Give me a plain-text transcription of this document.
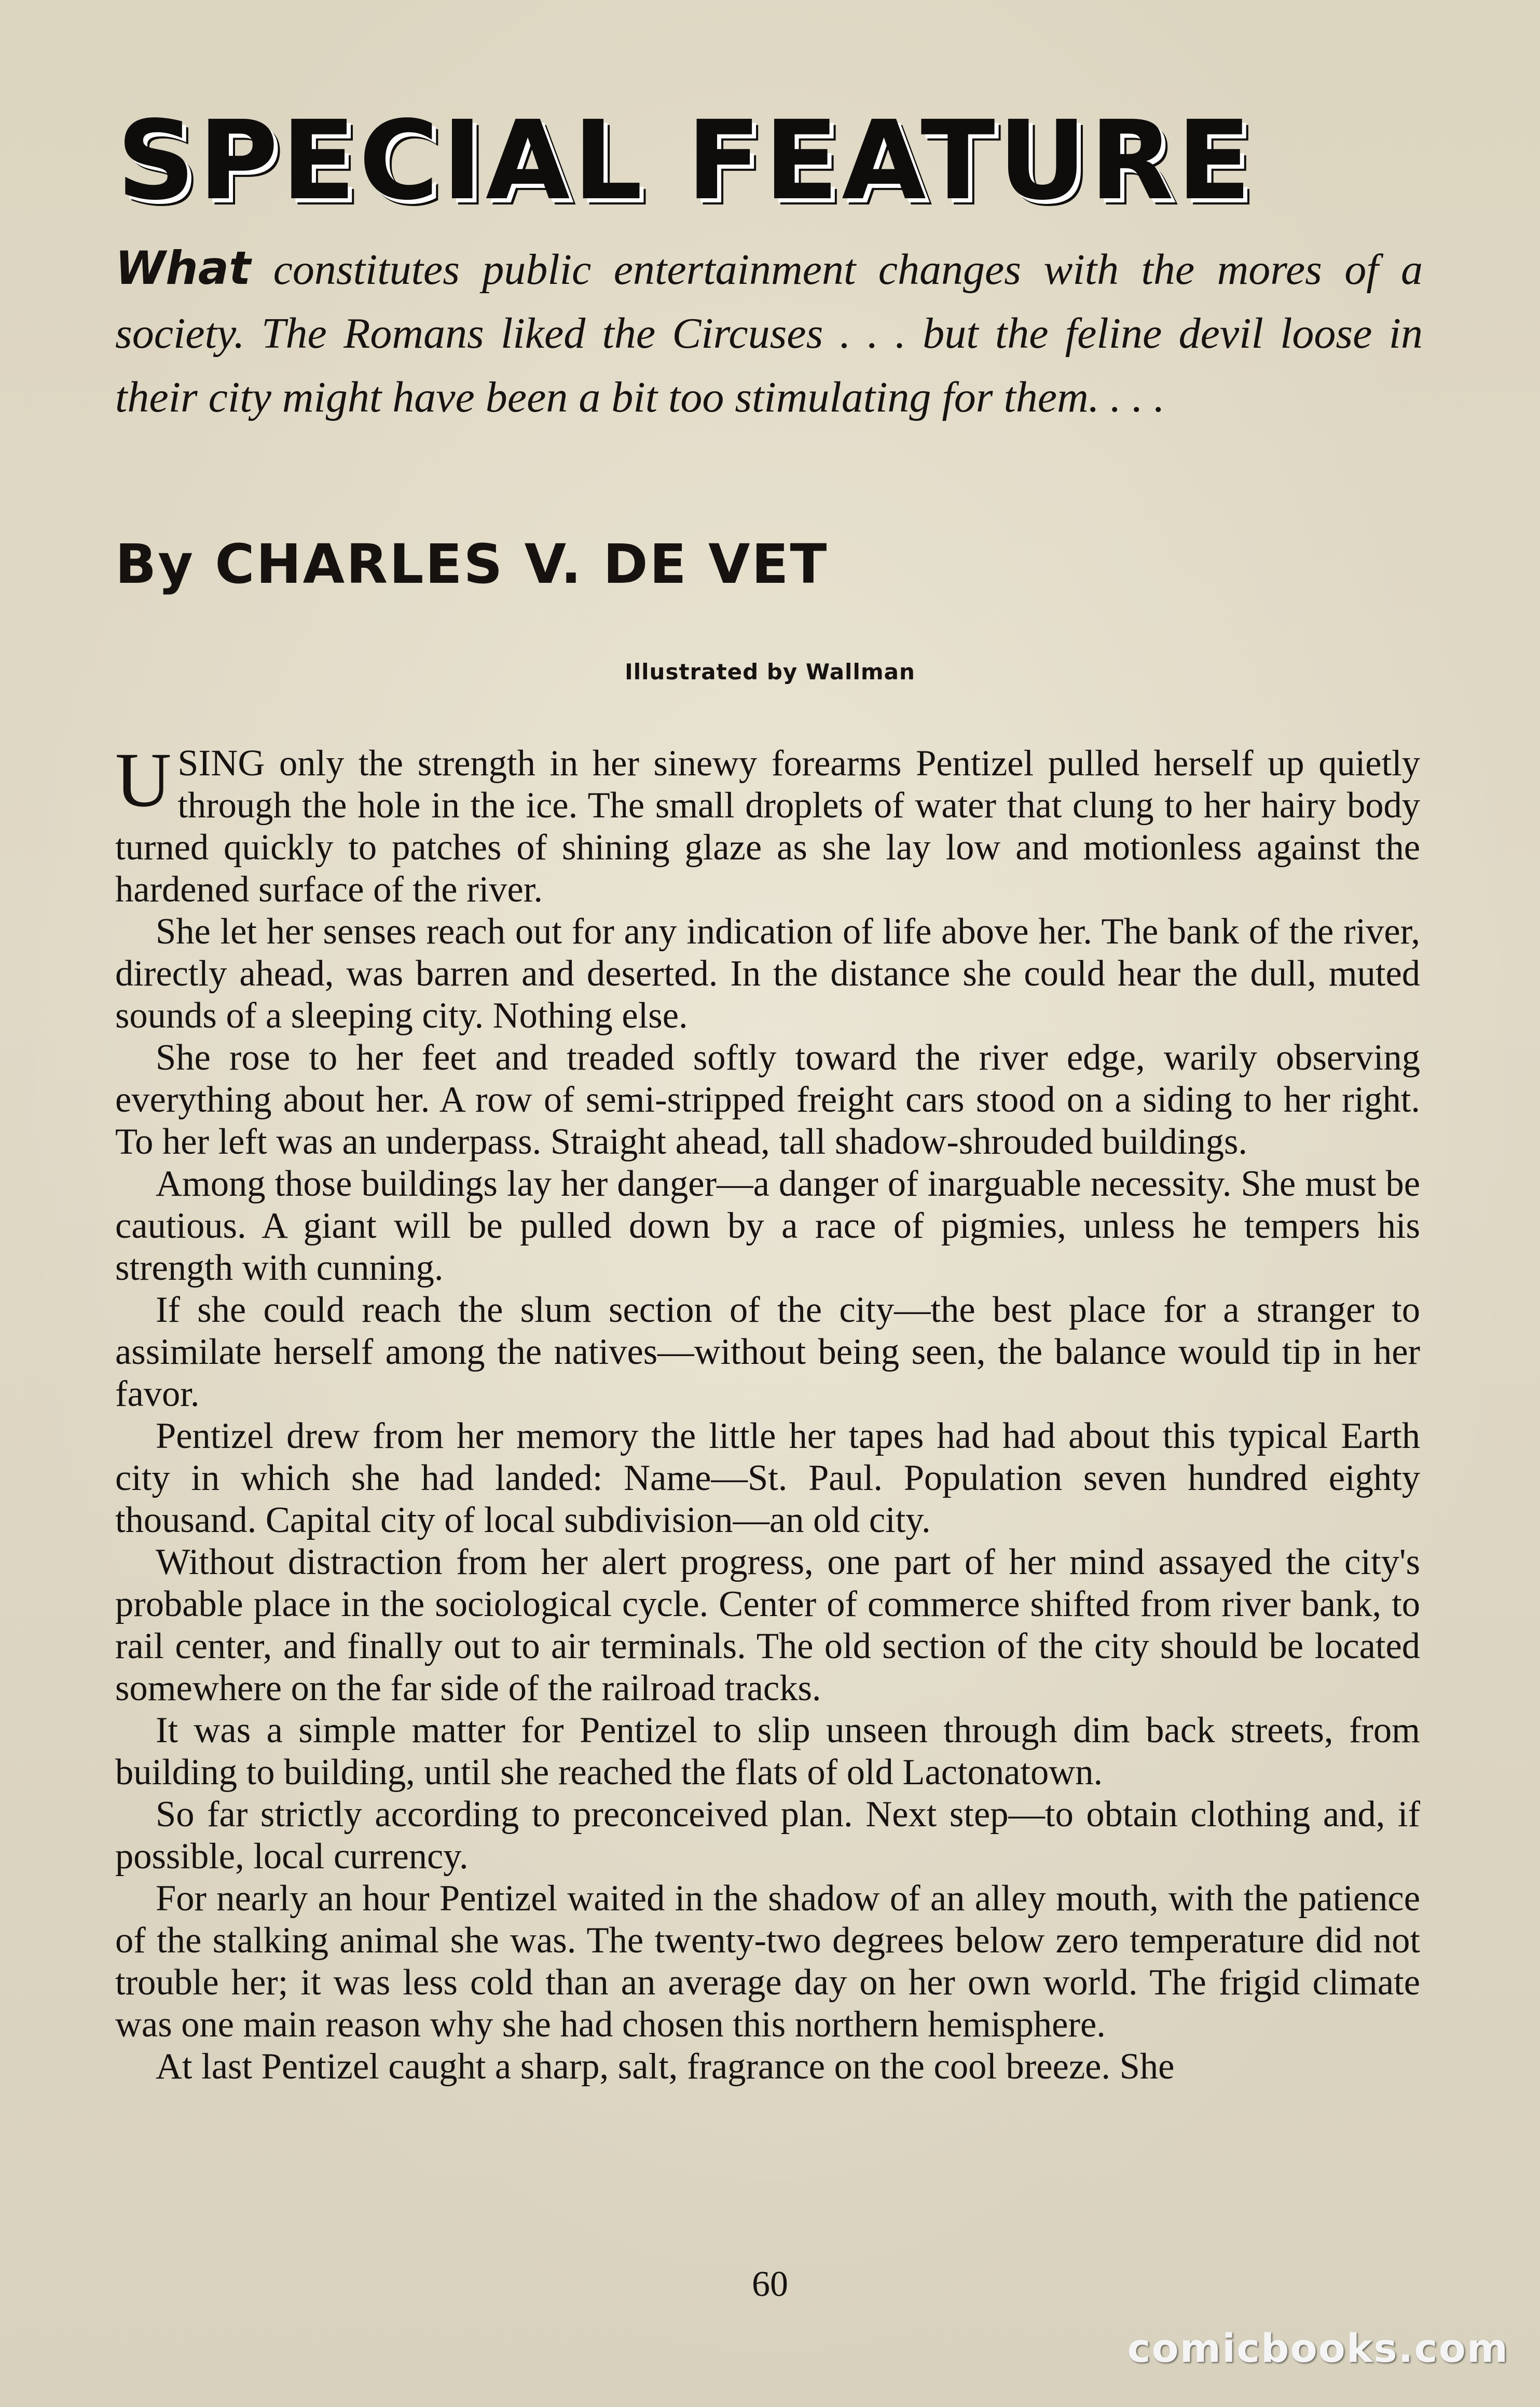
SPECIAL FEATURE

What constitutes public entertainment changes with the mores of a society. The Romans liked the Circuses . . . but the feline devil loose in their city might have been a bit too stimulating for them. . . .

By CHARLES V. DE VET
Illustrated by Wallman

USING only the strength in her sinewy forearms Pentizel pulled herself up quietly through the hole in the ice. The small droplets of water that clung to her hairy body turned quickly to patches of shining glaze as she lay low and motionless against the hardened surface of the river.

She let her senses reach out for any indication of life above her. The bank of the river, directly ahead, was barren and deserted. In the distance she could hear the dull, muted sounds of a sleeping city. Nothing else.

She rose to her feet and treaded softly toward the river edge, warily observing everything about her. A row of semi-stripped freight cars stood on a siding to her right. To her left was an underpass. Straight ahead, tall shadow-shrouded buildings.

Among those buildings lay her danger—a danger of inarguable necessity. She must be cautious. A giant will be pulled down by a race of pigmies, unless he tempers his strength with cunning.

If she could reach the slum section of the city—the best place for a stranger to assimilate herself among the natives—without being seen, the balance would tip in her favor.

Pentizel drew from her memory the little her tapes had had about this typical Earth city in which she had landed: Name—St. Paul. Population seven hundred eighty thousand. Capital city of local subdivision—an old city.

Without distraction from her alert progress, one part of her mind assayed the city's probable place in the sociological cycle. Center of commerce shifted from river bank, to rail center, and finally out to air terminals. The old section of the city should be located somewhere on the far side of the railroad tracks.

It was a simple matter for Pentizel to slip unseen through dim back streets, from building to building, until she reached the flats of old Lactonatown.

So far strictly according to preconceived plan. Next step—to obtain clothing and, if possible, local currency.

For nearly an hour Pentizel waited in the shadow of an alley mouth, with the patience of the stalking animal she was. The twenty-two degrees below zero temperature did not trouble her; it was less cold than an average day on her own world. The frigid climate was one main reason why she had chosen this northern hemisphere.

At last Pentizel caught a sharp, salt, fragrance on the cool breeze. She

60
comicbooks.com
